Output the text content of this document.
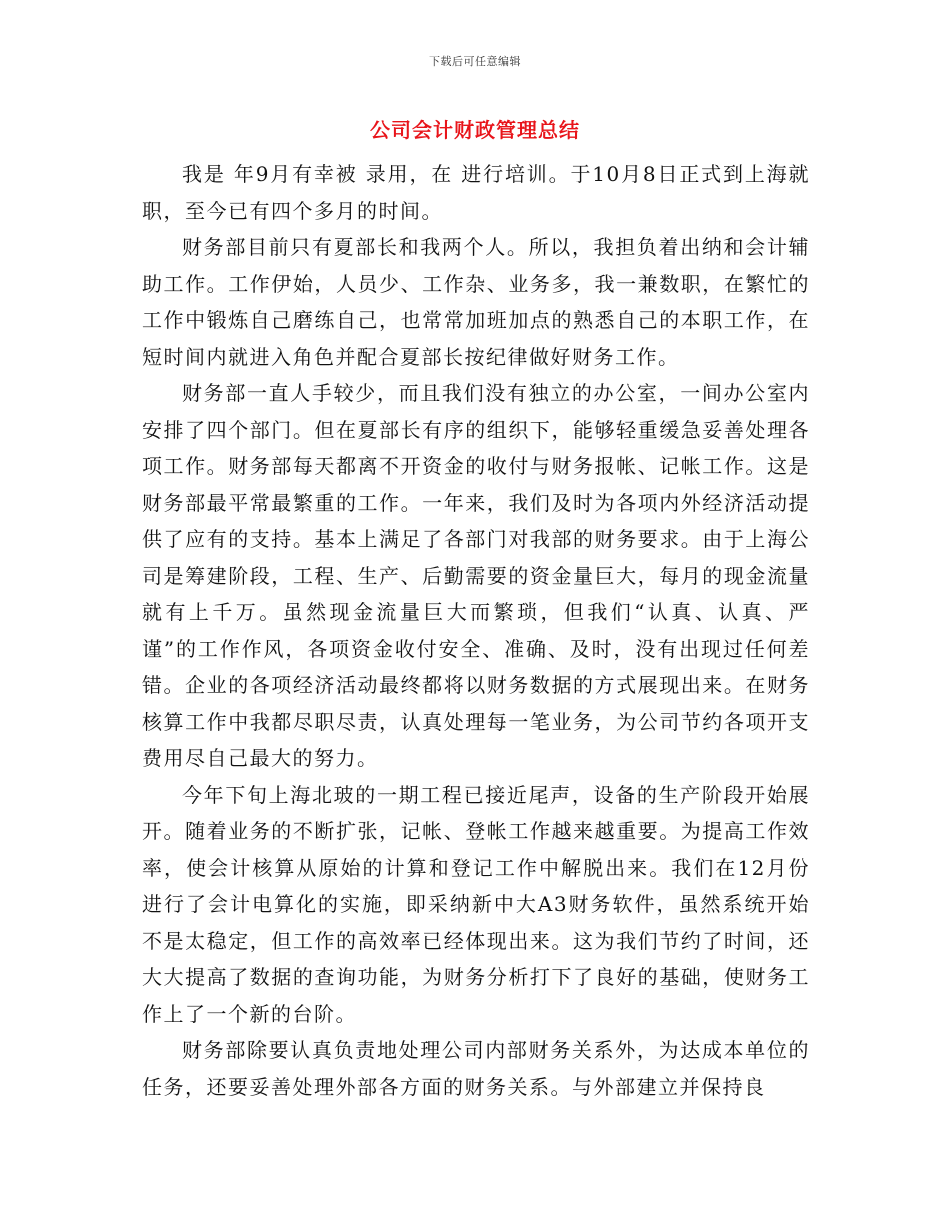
下载后可任意编辑
公司会计财政管理总结

我是 年9月有幸被 录用，在 进行培训。于10月8日正式到上海就职，至今已有四个多月的时间。

财务部目前只有夏部长和我两个人。所以，我担负着出纳和会计辅助工作。工作伊始，人员少、工作杂、业务多，我一兼数职，在繁忙的工作中锻炼自己磨练自己，也常常加班加点的熟悉自己的本职工作，在短时间内就进入角色并配合夏部长按纪律做好财务工作。

财务部一直人手较少，而且我们没有独立的办公室，一间办公室内安排了四个部门。但在夏部长有序的组织下，能够轻重缓急妥善处理各项工作。财务部每天都离不开资金的收付与财务报帐、记帐工作。这是财务部最平常最繁重的工作。一年来，我们及时为各项内外经济活动提供了应有的支持。基本上满足了各部门对我部的财务要求。由于上海公司是筹建阶段，工程、生产、后勤需要的资金量巨大，每月的现金流量就有上千万。虽然现金流量巨大而繁琐，但我们“认真、认真、严谨”的工作作风，各项资金收付安全、准确、及时，没有出现过任何差错。企业的各项经济活动最终都将以财务数据的方式展现出来。在财务核算工作中我都尽职尽责，认真处理每一笔业务，为公司节约各项开支费用尽自己最大的努力。

今年下旬上海北玻的一期工程已接近尾声，设备的生产阶段开始展开。随着业务的不断扩张，记帐、登帐工作越来越重要。为提高工作效率，使会计核算从原始的计算和登记工作中解脱出来。我们在12月份进行了会计电算化的实施，即采纳新中大A3财务软件，虽然系统开始不是太稳定，但工作的高效率已经体现出来。这为我们节约了时间，还大大提高了数据的查询功能，为财务分析打下了良好的基础，使财务工作上了一个新的台阶。

财务部除要认真负责地处理公司内部财务关系外，为达成本单位的任务，还要妥善处理外部各方面的财务关系。与外部建立并保持良
